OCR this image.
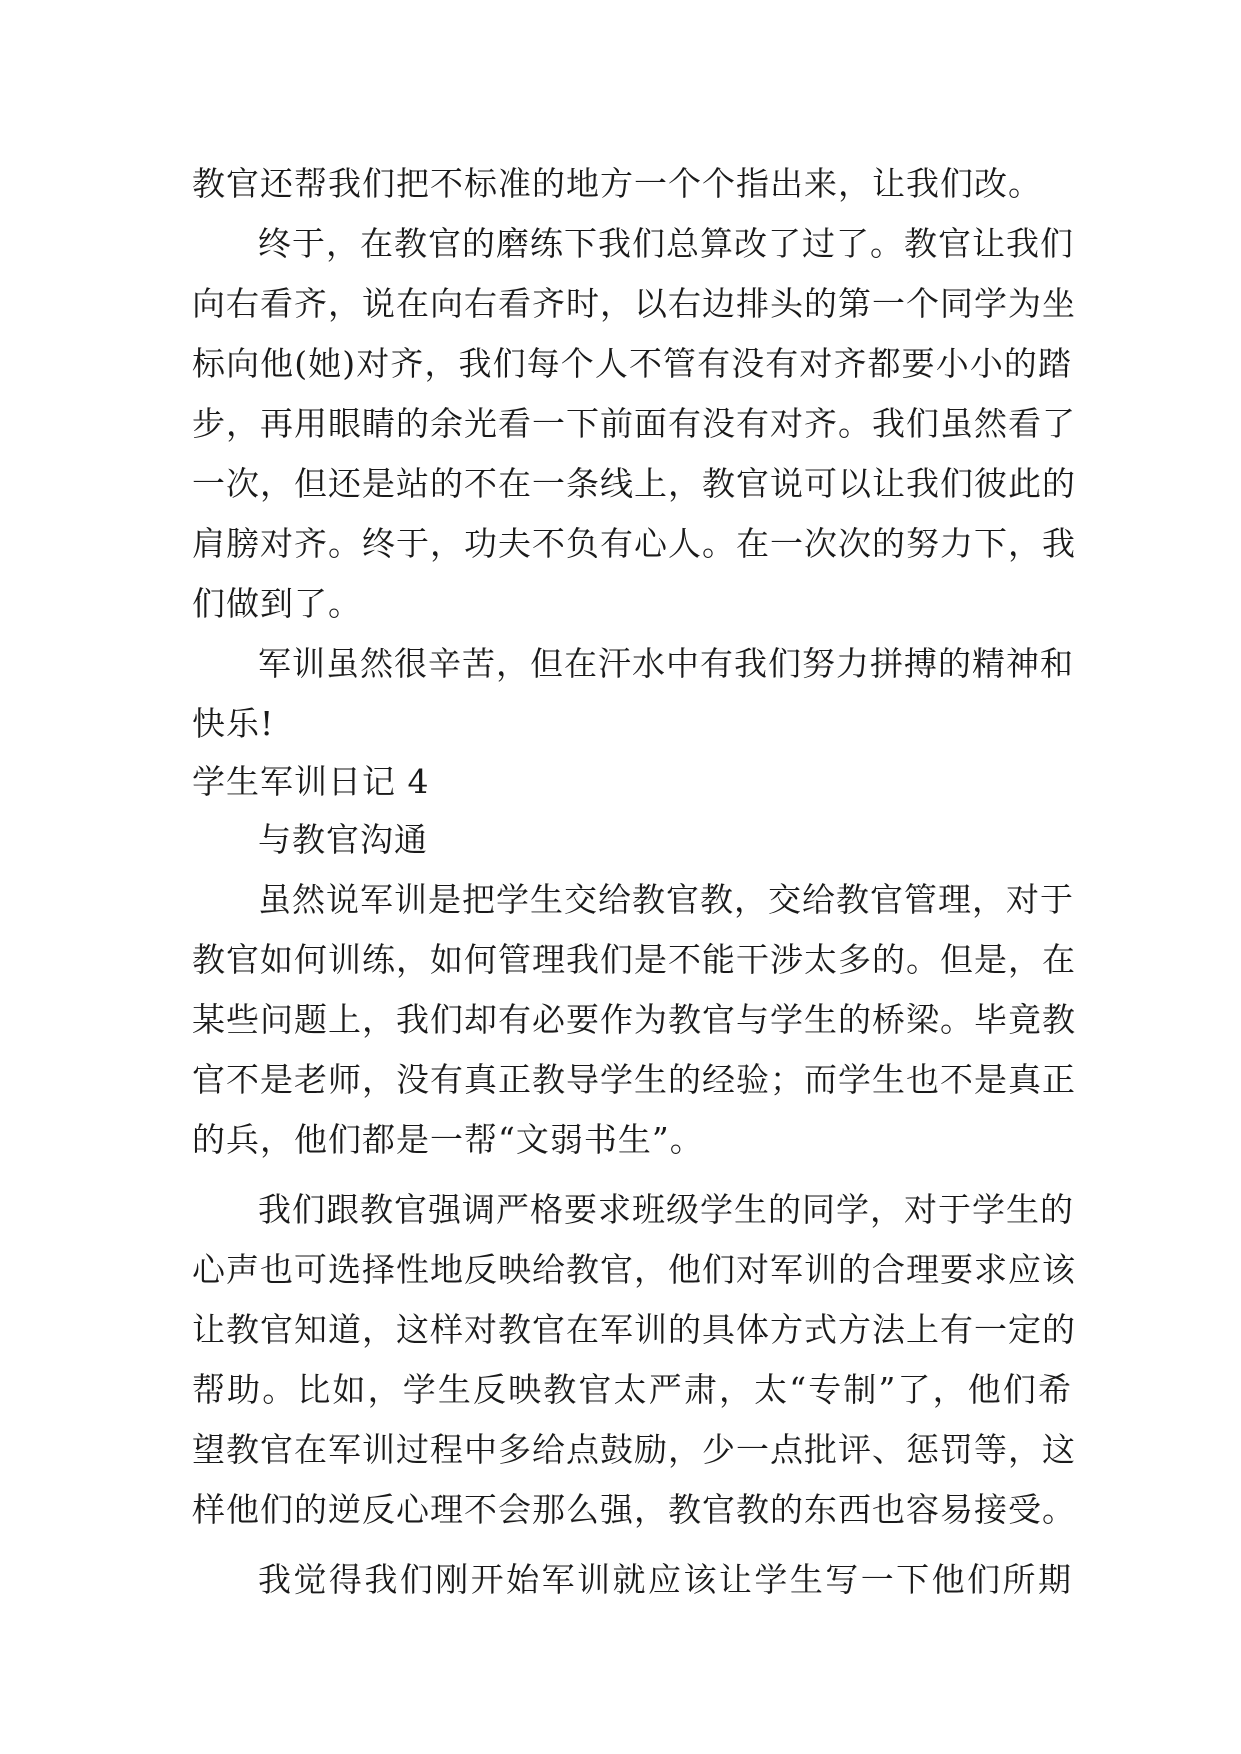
教官还帮我们把不标准的地方一个个指出来，让我们改。
终于，在教官的磨练下我们总算改了过了。教官让我们
向右看齐，说在向右看齐时，以右边排头的第一个同学为坐
标向他(她)对齐，我们每个人不管有没有对齐都要小小的踏
步，再用眼睛的余光看一下前面有没有对齐。我们虽然看了
一次，但还是站的不在一条线上，教官说可以让我们彼此的
肩膀对齐。终于，功夫不负有心人。在一次次的努力下，我
们做到了。
军训虽然很辛苦，但在汗水中有我们努力拼搏的精神和
快乐!
学生军训日记 4
与教官沟通
虽然说军训是把学生交给教官教，交给教官管理，对于
教官如何训练，如何管理我们是不能干涉太多的。但是，在
某些问题上，我们却有必要作为教官与学生的桥梁。毕竟教
官不是老师，没有真正教导学生的经验；而学生也不是真正
的兵，他们都是一帮“文弱书生”。
我们跟教官强调严格要求班级学生的同学，对于学生的
心声也可选择性地反映给教官，他们对军训的合理要求应该
让教官知道，这样对教官在军训的具体方式方法上有一定的
帮助。比如，学生反映教官太严肃，太“专制”了，他们希
望教官在军训过程中多给点鼓励，少一点批评、惩罚等，这
样他们的逆反心理不会那么强，教官教的东西也容易接受。
我觉得我们刚开始军训就应该让学生写一下他们所期
